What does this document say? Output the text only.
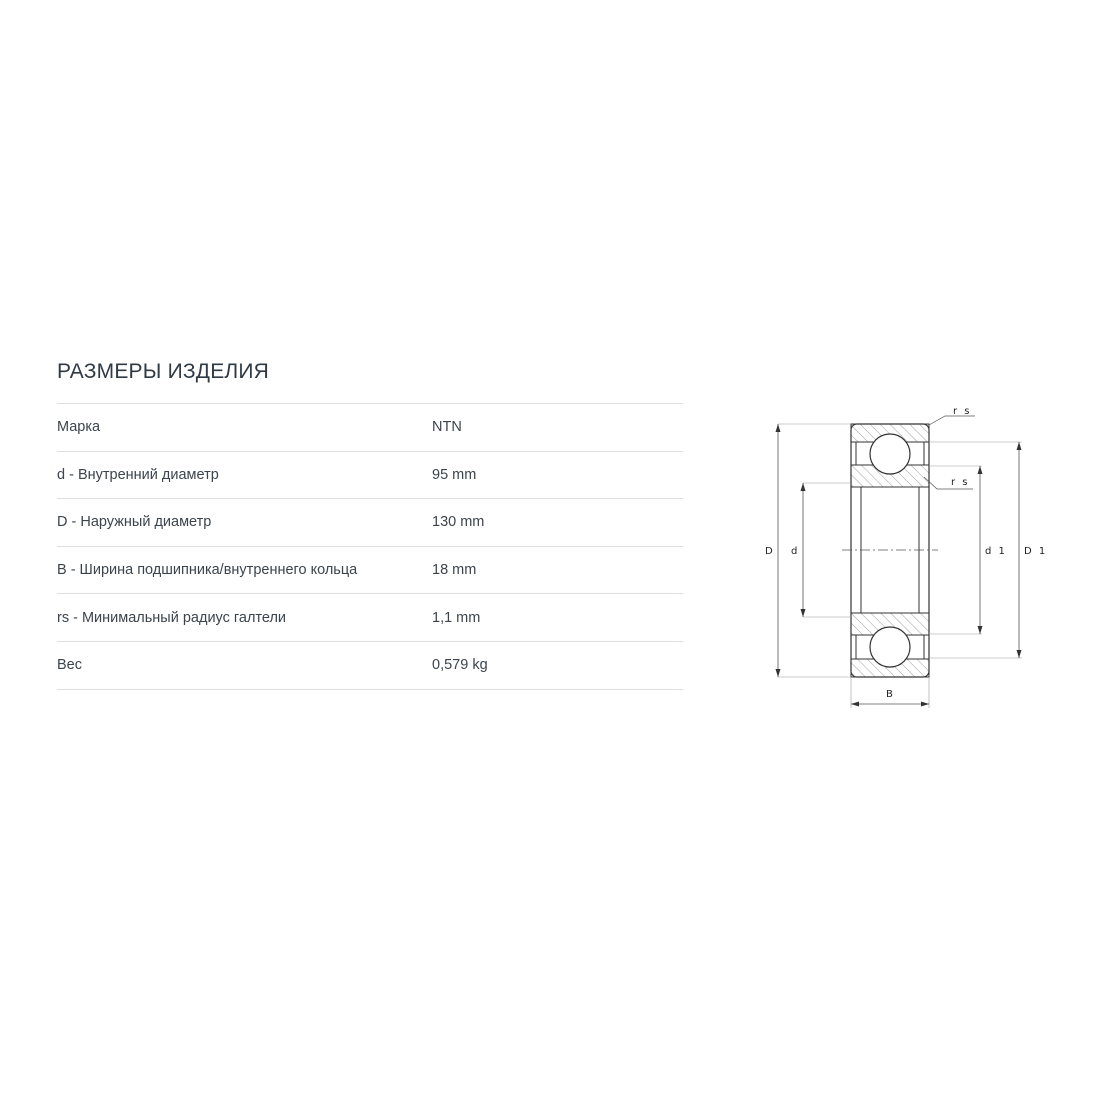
РАЗМЕРЫ ИЗДЕЛИЯ
Марка	NTN
d - Внутренний диаметр	95 mm
D - Наружный диаметр	130 mm
B - Ширина подшипника/внутреннего кольца	18 mm
rs - Минимальный радиус галтели	1,1 mm
Вес	0,579 kg
D d	d 1 D 1
B
r s
r s
